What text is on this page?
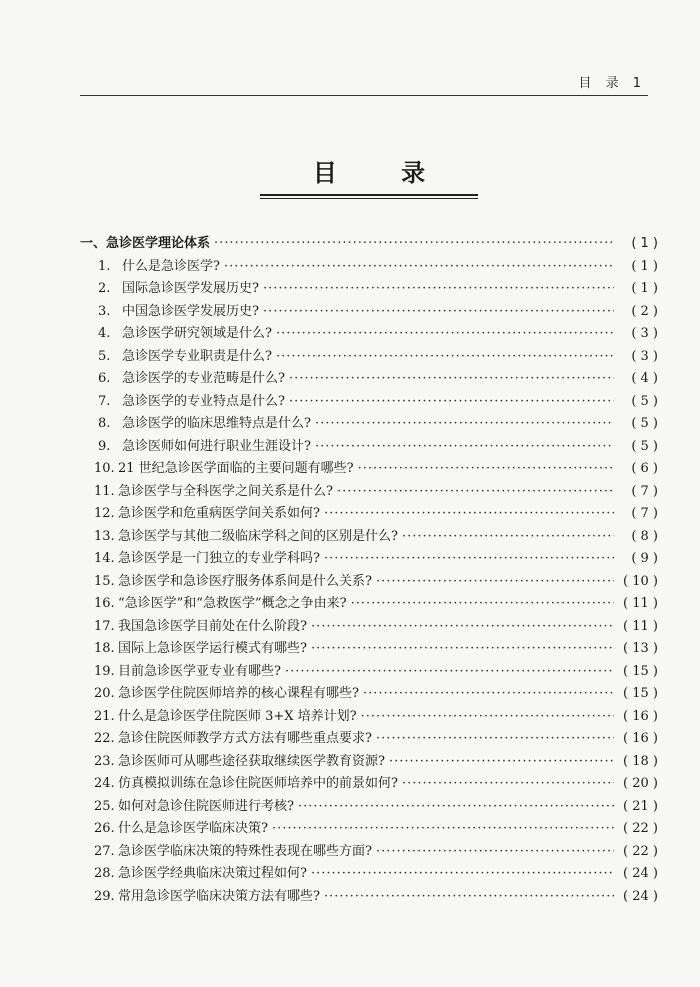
目 录 1
目 录
一、急诊医学理论体系 ·····	( 1 )
1. 什么是急诊医学? ·····	( 1 )
2. 国际急诊医学发展历史? ·····	( 1 )
3. 中国急诊医学发展历史? ·····	( 2 )
4. 急诊医学研究领域是什么? ·····	( 3 )
5. 急诊医学专业职责是什么? ·····	( 3 )
6. 急诊医学的专业范畴是什么? ·····	( 4 )
7. 急诊医学的专业特点是什么? ·····	( 5 )
8. 急诊医学的临床思维特点是什么? ·····	( 5 )
9. 急诊医师如何进行职业生涯设计? ·····	( 5 )
10. 21 世纪急诊医学面临的主要问题有哪些? ·····	( 6 )
11. 急诊医学与全科医学之间关系是什么? ·····	( 7 )
12. 急诊医学和危重病医学间关系如何? ·····	( 7 )
13. 急诊医学与其他二级临床学科之间的区别是什么? ·····	( 8 )
14. 急诊医学是一门独立的专业学科吗? ·····	( 9 )
15. 急诊医学和急诊医疗服务体系间是什么关系? ·····	( 10 )
16. “急诊医学”和“急救医学”概念之争由来? ·····	( 11 )
17. 我国急诊医学目前处在什么阶段? ·····	( 11 )
18. 国际上急诊医学运行模式有哪些? ·····	( 13 )
19. 目前急诊医学亚专业有哪些? ·····	( 15 )
20. 急诊医学住院医师培养的核心课程有哪些? ·····	( 15 )
21. 什么是急诊医学住院医师 3+X 培养计划? ·····	( 16 )
22. 急诊住院医师教学方式方法有哪些重点要求? ·····	( 16 )
23. 急诊医师可从哪些途径获取继续医学教育资源? ·····	( 18 )
24. 仿真模拟训练在急诊住院医师培养中的前景如何? ·····	( 20 )
25. 如何对急诊住院医师进行考核? ·····	( 21 )
26. 什么是急诊医学临床决策? ·····	( 22 )
27. 急诊医学临床决策的特殊性表现在哪些方面? ·····	( 22 )
28. 急诊医学经典临床决策过程如何? ·····	( 24 )
29. 常用急诊医学临床决策方法有哪些? ·····	( 24 )
